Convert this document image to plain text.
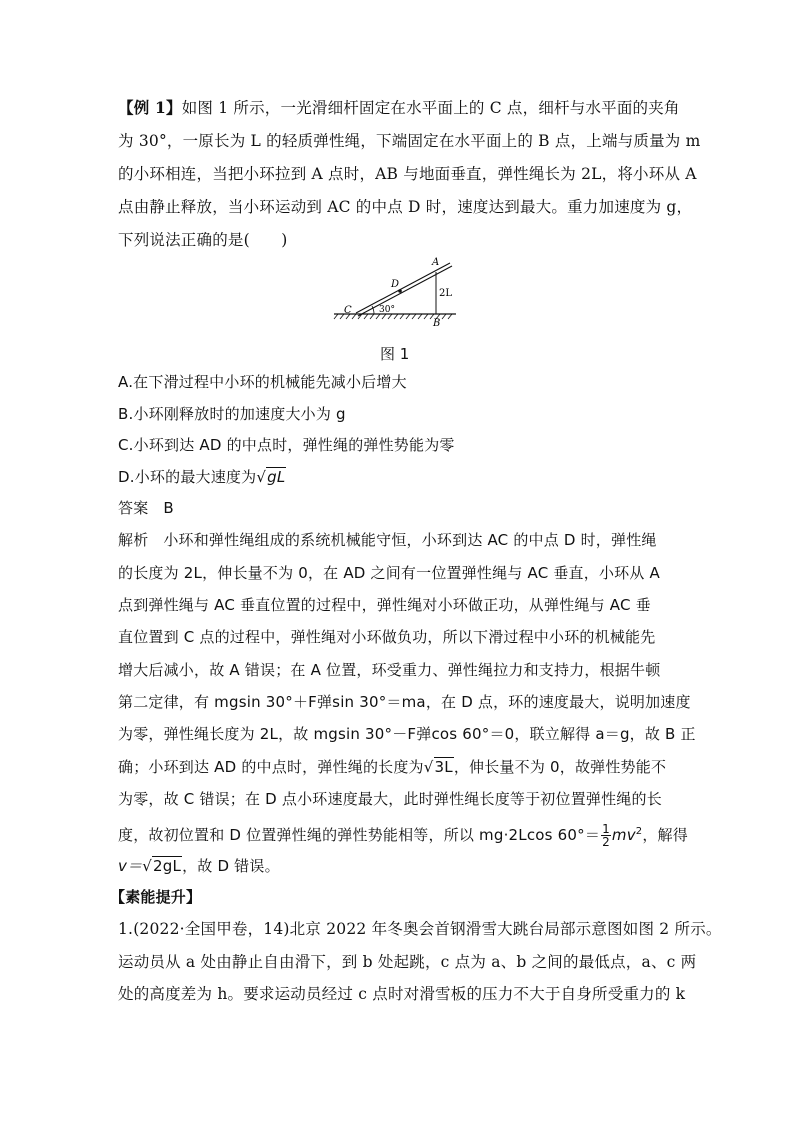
【例 1】如图 1 所示，一光滑细杆固定在水平面上的 C 点，细杆与水平面的夹角
为 30°，一原长为 L 的轻质弹性绳，下端固定在水平面上的 B 点，上端与质量为 m
的小环相连，当把小环拉到 A 点时，AB 与地面垂直，弹性绳长为 2L，将小环从 A
点由静止释放，当小环运动到 AC 的中点 D 时，速度达到最大。重力加速度为 g，
下列说法正确的是(　　)
A
B
C
D
30°
2L
图 1
A.在下滑过程中小环的机械能先减小后增大
B.小环刚释放时的加速度大小为 g
C.小环到达 AD 的中点时，弹性绳的弹性势能为零
D.小环的最大速度为√gL
答案 B
解析 小环和弹性绳组成的系统机械能守恒，小环到达 AC 的中点 D 时，弹性绳
的长度为 2L，伸长量不为 0，在 AD 之间有一位置弹性绳与 AC 垂直，小环从 A
点到弹性绳与 AC 垂直位置的过程中，弹性绳对小环做正功，从弹性绳与 AC 垂
直位置到 C 点的过程中，弹性绳对小环做负功，所以下滑过程中小环的机械能先
增大后减小，故 A 错误；在 A 位置，环受重力、弹性绳拉力和支持力，根据牛顿
第二定律，有 mgsin 30°＋F弹sin 30°＝ma，在 D 点，环的速度最大，说明加速度
为零，弹性绳长度为 2L，故 mgsin 30°－F弹cos 60°＝0，联立解得 a＝g，故 B 正
确；小环到达 AD 的中点时，弹性绳的长度为√3L，伸长量不为 0，故弹性势能不
为零，故 C 错误；在 D 点小环速度最大，此时弹性绳长度等于初位置弹性绳的长
度，故初位置和 D 位置弹性绳的弹性势能相等，所以 mg·2Lcos $60^\circ= \frac{1}{2} mv^2$，解得
v＝√2gL，故 D 错误。
【素能提升】
1.(2022·全国甲卷，14)北京 2022 年冬奥会首钢滑雪大跳台局部示意图如图 2 所示。
运动员从 a 处由静止自由滑下，到 b 处起跳，c 点为 a、b 之间的最低点，a、c 两
处的高度差为 h。要求运动员经过 c 点时对滑雪板的压力不大于自身所受重力的 k
